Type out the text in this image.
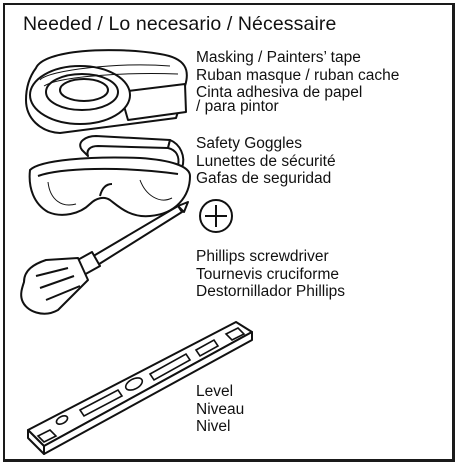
Needed / Lo necesario / Nécessaire
Masking / Painters’ tape
Ruban masque / ruban cache
Cinta adhesiva de papel
/ para pintor
Safety Goggles
Lunettes de sécurité
Gafas de seguridad
Phillips screwdriver
Tournevis cruciforme
Destornillador Phillips
Level
Niveau
Nivel
